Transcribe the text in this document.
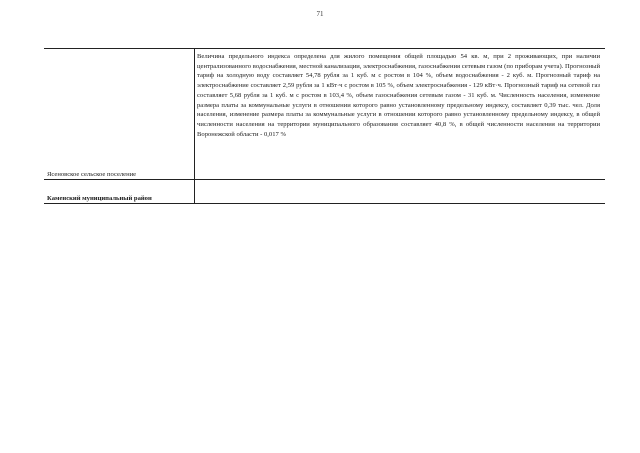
71
Величина предельного индекса определена для жилого помещения общей площадью 54 кв. м, при 2 проживающих, при наличии централизованного водоснабжения, местной канализации, электроснабжения, газоснабжения сетевым газом (по приборам учета). Прогнозный тариф на холодную воду составляет 54,78 рубля за 1 куб. м с ростом в 104 %, объем водоснабжения - 2 куб. м. Прогнозный тариф на электроснабжение составляет 2,59 рубля за 1 кВт·ч с ростом в 105 %, объем электроснабжения - 129 кВт·ч. Прогнозный тариф на сетевой газ составляет 5,68 рубля за 1 куб. м с ростом в 103,4 %, объем газоснабжения сетевым газом - 31 куб. м. Численность населения, изменение размера платы за коммунальные услуги в отношении которого равно установленному предельному индексу, составляет 0,39 тыс. чел. Доля населения, изменение размера платы за коммунальные услуги в отношении которого равно установленному предельному индексу, в общей численности населения на территории муниципального образования составляет 40,8 %, в общей численности населения на территории Воронежской области - 0,017 %
Ясеновское сельское поселение
Каменский муниципальный район
